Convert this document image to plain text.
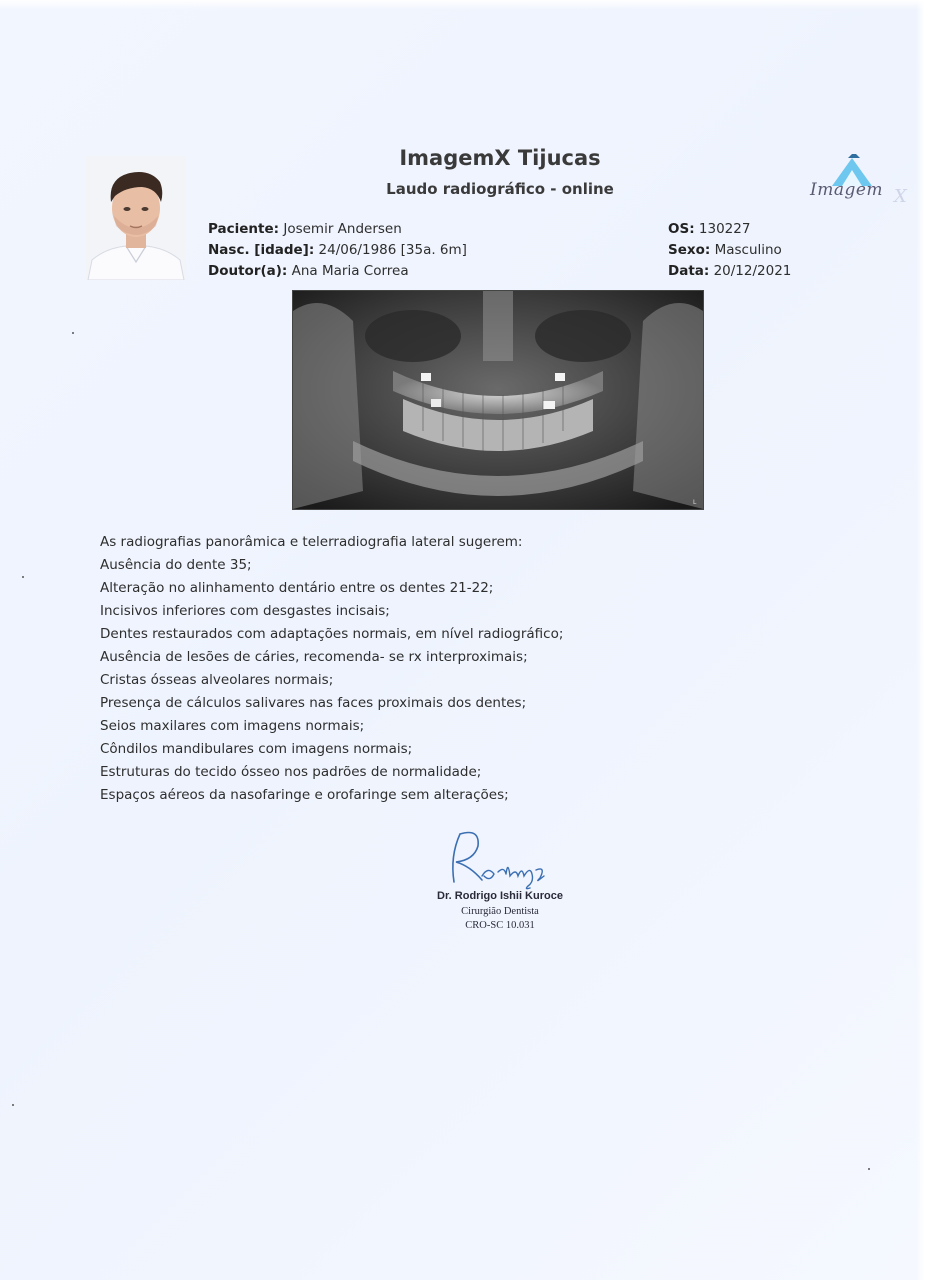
ImagemX Tijucas
Laudo radiográfico - online	X
Imagem
Paciente: Josemir Andersen
Nasc. [idade]: 24/06/1986 [35a. 6m]
Doutor(a): Ana Maria Correa
OS: 130227
Sexo: Masculino
Data: 20/12/2021
L
As radiografias panorâmica e telerradiografia lateral sugerem:
Ausência do dente 35;
Alteração no alinhamento dentário entre os dentes 21-22;
Incisivos inferiores com desgastes incisais;
Dentes restaurados com adaptações normais, em nível radiográfico;
Ausência de lesões de cáries, recomenda- se rx interproximais;
Cristas ósseas alveolares normais;
Presença de cálculos salivares nas faces proximais dos dentes;
Seios maxilares com imagens normais;
Côndilos mandibulares com imagens normais;
Estruturas do tecido ósseo nos padrões de normalidade;
Espaços aéreos da nasofaringe e orofaringe sem alterações;
Dr. Rodrigo Ishii Kuroce
Cirurgião Dentista
CRO-SC 10.031
